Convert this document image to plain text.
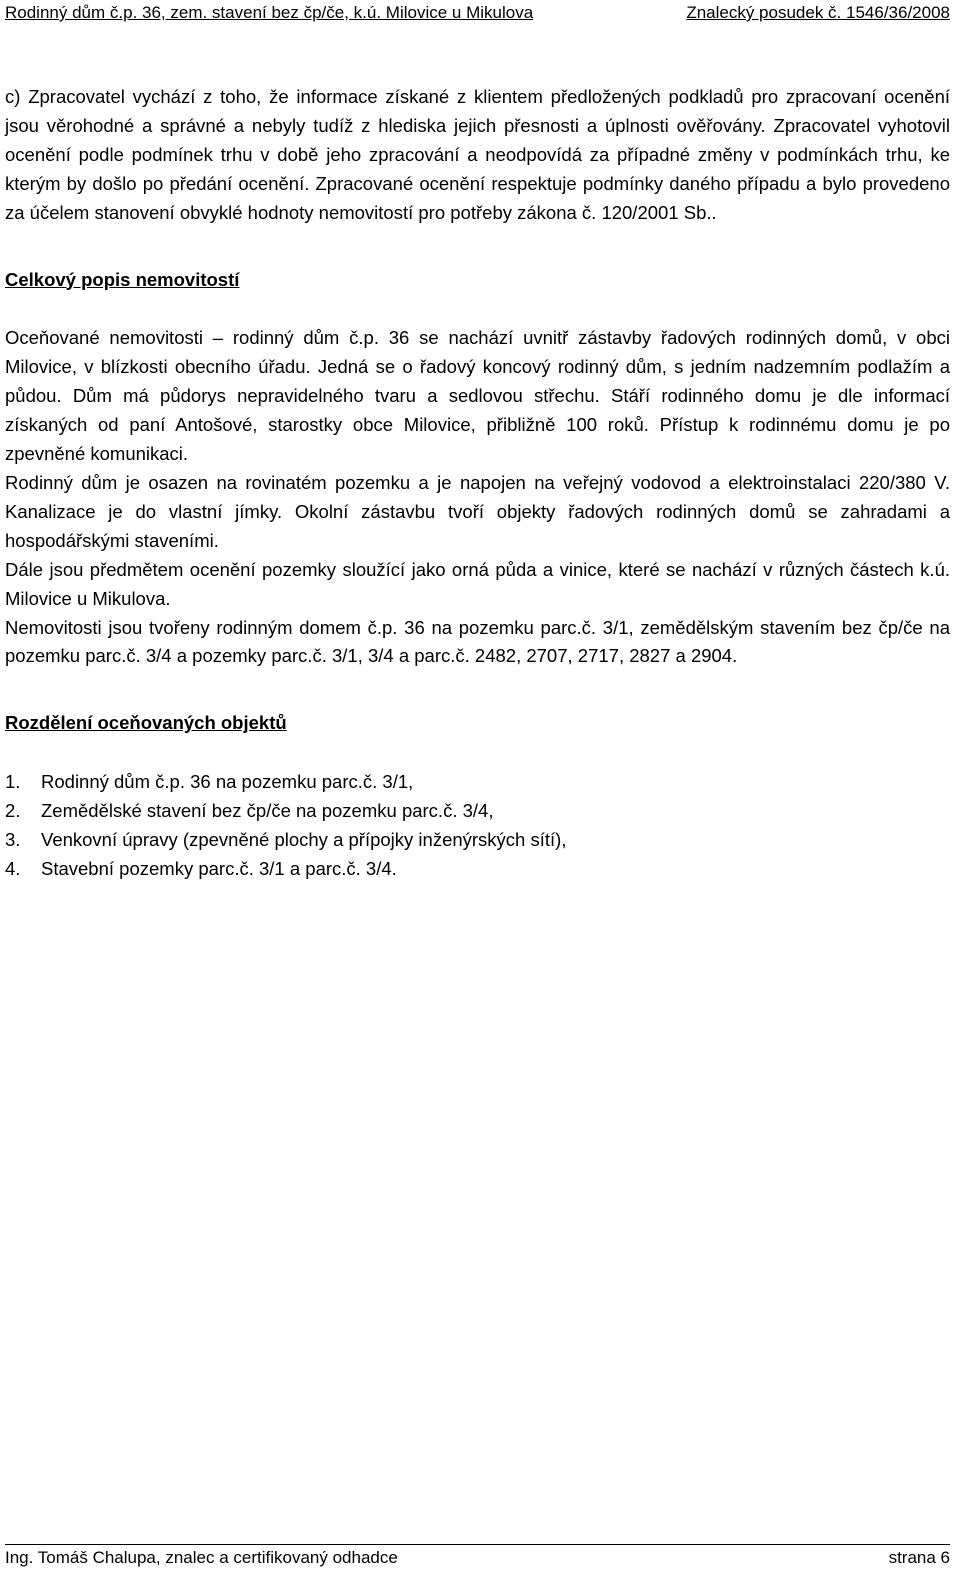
Rodinný dům č.p. 36, zem. stavení bez čp/če, k.ú. Milovice u Mikulova	Znalecký posudek č. 1546/36/2008

c) Zpracovatel vychází z toho, že informace získané z klientem předložených podkladů pro zpracovaní ocenění jsou věrohodné a správné a nebyly tudíž z hlediska jejich přesnosti a úplnosti ověřovány. Zpracovatel vyhotovil ocenění podle podmínek trhu v době jeho zpracování a neodpovídá za případné změny v podmínkách trhu, ke kterým by došlo po předání ocenění. Zpracované ocenění respektuje podmínky daného případu a bylo provedeno za účelem stanovení obvyklé hodnoty nemovitostí pro potřeby zákona č. 120/2001 Sb..

Celkový popis nemovitostí

Oceňované nemovitosti – rodinný dům č.p. 36 se nachází uvnitř zástavby řadových rodinných domů, v obci Milovice, v blízkosti obecního úřadu. Jedná se o řadový koncový rodinný dům, s jedním nadzemním podlažím a půdou. Dům má půdorys nepravidelného tvaru a sedlovou střechu. Stáří rodinného domu je dle informací získaných od paní Antošové, starostky obce Milovice, přibližně 100 roků. Přístup k rodinnému domu je po zpevněné komunikaci.

Rodinný dům je osazen na rovinatém pozemku a je napojen na veřejný vodovod a elektroinstalaci 220/380 V. Kanalizace je do vlastní jímky. Okolní zástavbu tvoří objekty řadových rodinných domů se zahradami a hospodářskými staveními.

Dále jsou předmětem ocenění pozemky sloužící jako orná půda a vinice, které se nachází v různých částech k.ú. Milovice u Mikulova.

Nemovitosti jsou tvořeny rodinným domem č.p. 36 na pozemku parc.č. 3/1, zemědělským stavením bez čp/če na pozemku parc.č. 3/4 a pozemky parc.č. 3/1, 3/4 a parc.č. 2482, 2707, 2717, 2827 a 2904.

Rozdělení oceňovaných objektů
1.	Rodinný dům č.p. 36 na pozemku parc.č. 3/1,
2.	Zemědělské stavení bez čp/če na pozemku parc.č. 3/4,
3.	Venkovní úpravy (zpevněné plochy a přípojky inženýrských sítí),
4.	Stavební pozemky parc.č. 3/1 a parc.č. 3/4.
Ing. Tomáš Chalupa, znalec a certifikovaný odhadce	strana 6
